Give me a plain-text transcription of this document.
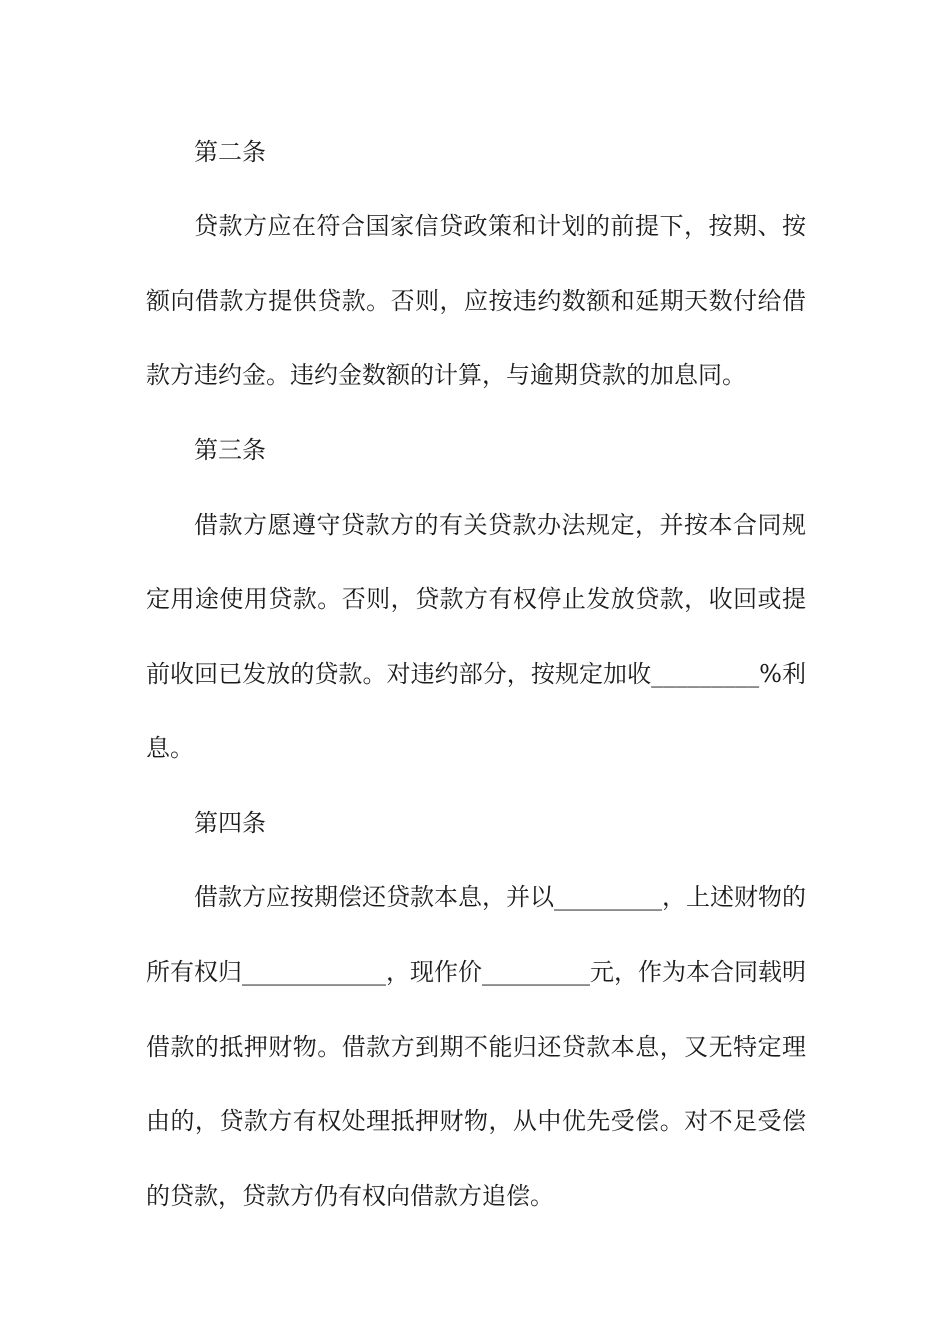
第二条
贷款方应在符合国家信贷政策和计划的前提下，按期、按
额向借款方提供贷款。否则，应按违约数额和延期天数付给借
款方违约金。违约金数额的计算，与逾期贷款的加息同。
第三条
借款方愿遵守贷款方的有关贷款办法规定，并按本合同规
定用途使用贷款。否则，贷款方有权停止发放贷款，收回或提
前收回已发放的贷款。对违约部分，按规定加收_________%利
息。
第四条
借款方应按期偿还贷款本息，并以_________，上述财物的
所有权归____________，现作价_________元，作为本合同载明
借款的抵押财物。借款方到期不能归还贷款本息，又无特定理
由的，贷款方有权处理抵押财物，从中优先受偿。对不足受偿
的贷款，贷款方仍有权向借款方追偿。
